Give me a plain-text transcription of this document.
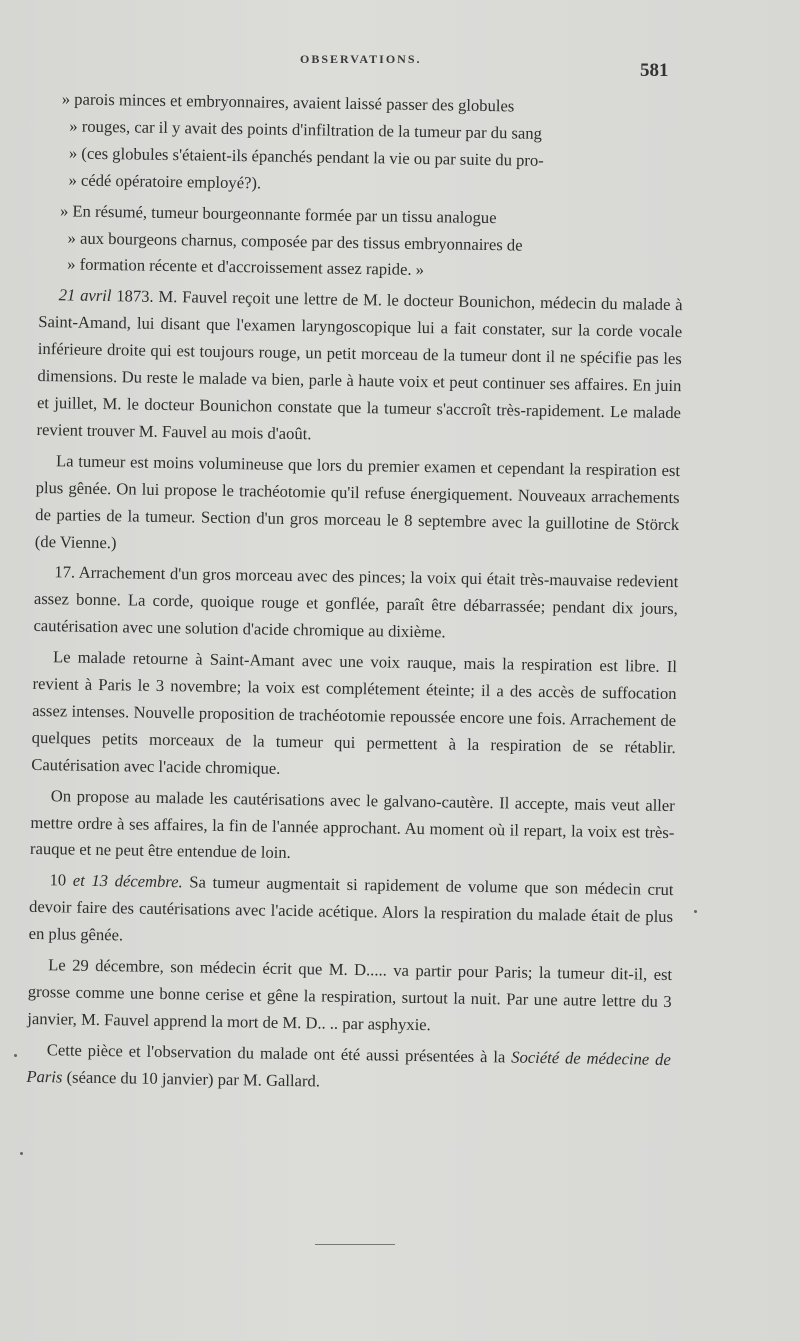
OBSERVATIONS.
581

» parois minces et embryonnaires, avaient laissé passer des globules
» rouges, car il y avait des points d'infiltration de la tumeur par du sang
» (ces globules s'étaient-ils épanchés pendant la vie ou par suite du pro-
» cédé opératoire employé?).

» En résumé, tumeur bourgeonnante formée par un tissu analogue
» aux bourgeons charnus, composée par des tissus embryonnaires de
» formation récente et d'accroissement assez rapide. »

21 avril 1873. M. Fauvel reçoit une lettre de M. le docteur Bounichon, médecin du malade à Saint-Amand, lui disant que l'examen laryngoscopique lui a fait constater, sur la corde vocale inférieure droite qui est toujours rouge, un petit morceau de la tumeur dont il ne spécifie pas les dimensions. Du reste le malade va bien, parle à haute voix et peut continuer ses affaires. En juin et juillet, M. le docteur Bounichon constate que la tumeur s'accroît très-rapidement. Le malade revient trouver M. Fauvel au mois d'août.

La tumeur est moins volumineuse que lors du premier examen et cependant la respiration est plus gênée. On lui propose le trachéotomie qu'il refuse énergiquement. Nouveaux arrachements de parties de la tumeur. Section d'un gros morceau le 8 septembre avec la guillotine de Störck (de Vienne.)

17. Arrachement d'un gros morceau avec des pinces; la voix qui était très-mauvaise redevient assez bonne. La corde, quoique rouge et gonflée, paraît être débarrassée; pendant dix jours, cautérisation avec une solution d'acide chromique au dixième.

Le malade retourne à Saint-Amant avec une voix rauque, mais la respiration est libre. Il revient à Paris le 3 novembre; la voix est complétement éteinte; il a des accès de suffocation assez intenses. Nouvelle proposition de trachéotomie repoussée encore une fois. Arrachement de quelques petits morceaux de la tumeur qui permettent à la respiration de se rétablir. Cautérisation avec l'acide chromique.

On propose au malade les cautérisations avec le galvano-cautère. Il accepte, mais veut aller mettre ordre à ses affaires, la fin de l'année approchant. Au moment où il repart, la voix est très-rauque et ne peut être entendue de loin.

10 et 13 décembre. Sa tumeur augmentait si rapidement de volume que son médecin crut devoir faire des cautérisations avec l'acide acétique. Alors la respiration du malade était de plus en plus gênée.

Le 29 décembre, son médecin écrit que M. D..... va partir pour Paris; la tumeur dit-il, est grosse comme une bonne cerise et gêne la respiration, surtout la nuit. Par une autre lettre du 3 janvier, M. Fauvel apprend la mort de M. D.. .. par asphyxie.

Cette pièce et l'observation du malade ont été aussi présentées à la Société de médecine de Paris (séance du 10 janvier) par M. Gallard.
